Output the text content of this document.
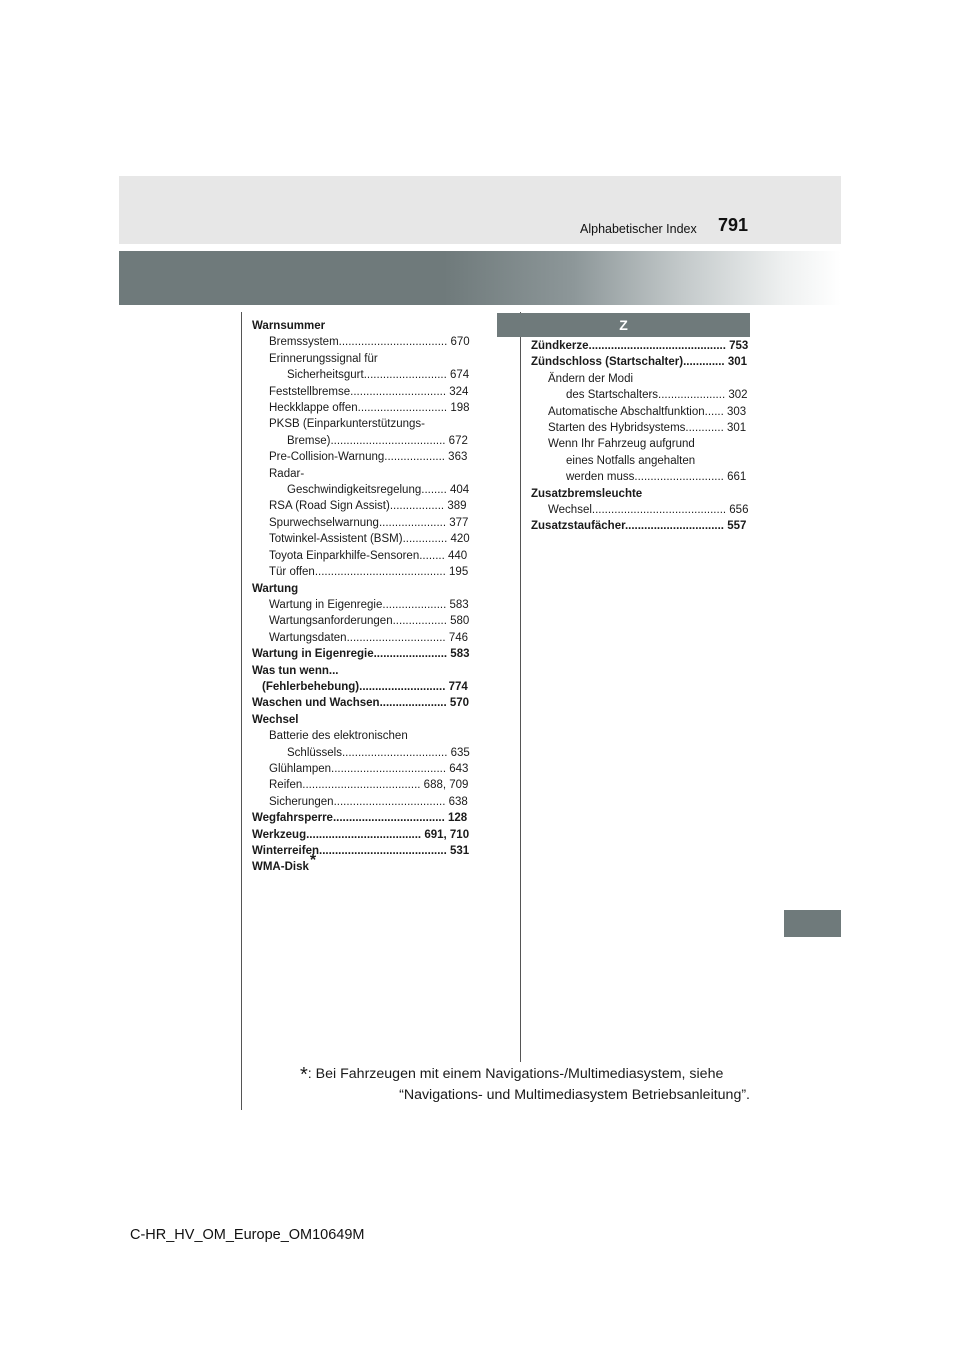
Alphabetischer Index 791
Warnsummer
Bremssystem.................................. 670
Erinnerungssignal für
Sicherheitsgurt.......................... 674
Feststellbremse.............................. 324
Heckklappe offen............................ 198
PKSB (Einparkunterstützungs-
Bremse).................................... 672
Pre-Collision-Warnung................... 363
Radar-
Geschwindigkeitsregelung........ 404
RSA (Road Sign Assist)................. 389
Spurwechselwarnung..................... 377
Totwinkel-Assistent (BSM).............. 420
Toyota Einparkhilfe-Sensoren........ 440
Tür offen......................................... 195
Wartung
Wartung in Eigenregie.................... 583
Wartungsanforderungen................. 580
Wartungsdaten............................... 746
Wartung in Eigenregie....................... 583
Was tun wenn...
(Fehlerbehebung)........................... 774
Waschen und Wachsen..................... 570
Wechsel
Batterie des elektronischen
Schlüssels................................. 635
Glühlampen.................................... 643
Reifen..................................... 688, 709
Sicherungen................................... 638
Wegfahrsperre................................... 128
Werkzeug.................................... 691, 710
Winterreifen........................................ 531
WMA-Disk*
Z
Zündkerze........................................... 753
Zündschloss (Startschalter)............. 301
Ändern der Modi
des Startschalters..................... 302
Automatische Abschaltfunktion...... 303
Starten des Hybridsystems............ 301
Wenn Ihr Fahrzeug aufgrund
eines Notfalls angehalten
werden muss............................ 661
Zusatzbremsleuchte
Wechsel.......................................... 656
Zusatzstaufächer............................... 557
*: Bei Fahrzeugen mit einem Navigations-/Multimediasystem, siehe
“Navigations- und Multimediasystem Betriebsanleitung”.
C-HR_HV_OM_Europe_OM10649M
